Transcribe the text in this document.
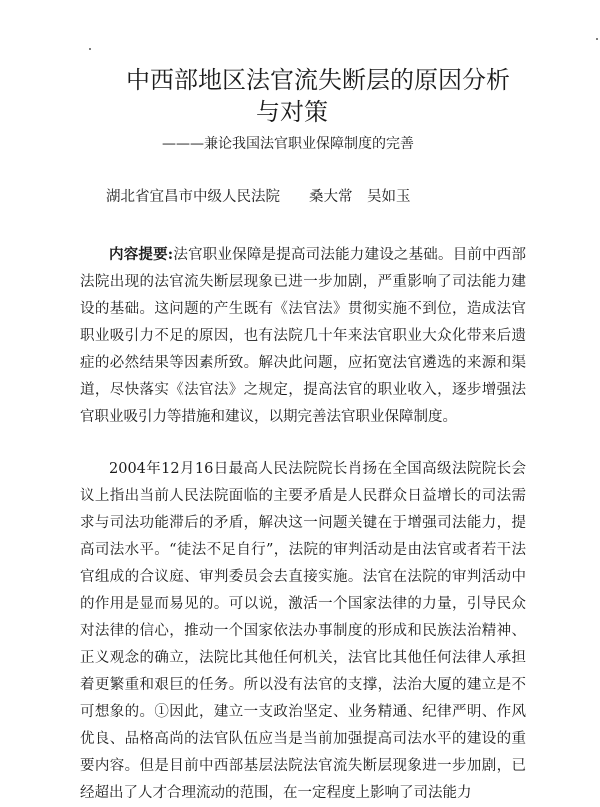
中西部地区法官流失断层的原因分析
与对策
———兼论我国法官职业保障制度的完善
湖北省宜昌市中级人民法院　　桑大常　吴如玉
内容提要:法官职业保障是提高司法能力建设之基础。目前中西部法院出现的法官流失断层现象已进一步加剧，严重影响了司法能力建设的基础。这问题的产生既有《法官法》贯彻实施不到位，造成法官职业吸引力不足的原因，也有法院几十年来法官职业大众化带来后遗症的必然结果等因素所致。解决此问题，应拓宽法官遴选的来源和渠道，尽快落实《法官法》之规定，提高法官的职业收入，逐步增强法官职业吸引力等措施和建议，以期完善法官职业保障制度。
2004年12月16日最高人民法院院长肖扬在全国高级法院院长会议上指出当前人民法院面临的主要矛盾是人民群众日益增长的司法需求与司法功能滞后的矛盾，解决这一问题关键在于增强司法能力，提高司法水平。“徒法不足自行”，法院的审判活动是由法官或者若干法官组成的合议庭、审判委员会去直接实施。法官在法院的审判活动中的作用是显而易见的。可以说，激活一个国家法律的力量，引导民众对法律的信心，推动一个国家依法办事制度的形成和民族法治精神、正义观念的确立，法院比其他任何机关，法官比其他任何法律人承担着更繁重和艰巨的任务。所以没有法官的支撑，法治大厦的建立是不可想象的。①因此，建立一支政治坚定、业务精通、纪律严明、作风优良、品格高尚的法官队伍应当是当前加强提高司法水平的建设的重要内容。但是目前中西部基层法院法官流失断层现象进一步加剧，已经超出了人才合理流动的范围，在一定程度上影响了司法能力
